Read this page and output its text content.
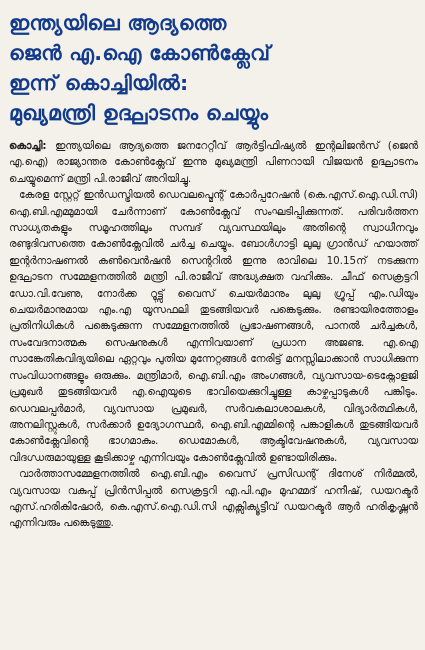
ഇന്ത്യയിലെ ആദ്യത്തെ
ജെൻ എ.ഐ കോൺക്ലേവ്
ഇന്ന് കൊച്ചിയിൽ:
മുഖ്യമന്ത്രി ഉദ്ഘാടനം ചെയ്യും

കൊച്ചി: ഇന്ത്യയിലെ ആദ്യത്തെ ജനറേറ്റീവ് ആർട്ടിഫിഷ്യൽ ഇന്റലിജൻസ് (ജെൻ എ.ഐ) രാജ്യാന്തര കോൺക്ലേവ് ഇന്നു മുഖ്യമന്ത്രി പിണറായി വിജയൻ ഉദ്ഘാടനം ചെയ്യുമെന്ന് മന്ത്രി പി.രാജീവ് അറിയിച്ചു.

കേരള സ്റ്റേറ്റ് ഇൻഡസ്ട്രിയൽ ഡെവലപ്മെന്റ് കോർപ്പറേഷൻ (കെ.എസ്.ഐ.ഡി.സി) ഐ.ബി.എമ്മുമായി ചേർന്നാണ് കോൺക്ലേവ് സംഘടിപ്പിക്കുന്നത്. പരിവർത്തന സാധ്യതകളും സമൂഹത്തിലും സമ്പദ് വ്യവസ്ഥയിലും അതിന്റെ സ്വാധീനവും രണ്ടുദിവസത്തെ കോൺക്ലേവിൽ ചർച്ച ചെയ്യും. ബോൾഗാട്ടി ലുലു ഗ്രാൻഡ് ഹയാത്ത് ഇന്റർനാഷണൽ കൺവെൻഷൻ സെന്ററിൽ ഇന്നു രാവിലെ 10.15ന് നടക്കുന്ന ഉദ്ഘാടന സമ്മേളനത്തിൽ മന്ത്രി പി.രാജീവ് അദ്ധ്യക്ഷത വഹിക്കും. ചീഫ് സെക്രട്ടറി ഡോ.വി.വേണു, നോർക്ക റൂട്ട്സ് വൈസ് ചെയർമാനും ലുലു ഗ്രൂപ്പ് എം.ഡിയും ചെയർമാനുമായ എം.എ യൂസഫലി തുടങ്ങിയവർ പങ്കെടുക്കും. രണ്ടായിരത്തോളം പ്രതിനിധികൾ പങ്കെടുക്കുന്ന സമ്മേളനത്തിൽ പ്രഭാഷണങ്ങൾ, പാനൽ ചർച്ചകൾ, സംവേദനാത്മക സെഷനുകൾ എന്നിവയാണ് പ്രധാന അജണ്ട. എ.ഐ സാങ്കേതികവിദ്യയിലെ ഏറ്റവും പുതിയ മുന്നേറ്റങ്ങൾ നേരിട്ട് മനസ്സിലാക്കാൻ സാധിക്കുന്ന സംവിധാനങ്ങളും ഒരുക്കും. മന്ത്രിമാർ, ഐ.ബി.എം അംഗങ്ങൾ, വ്യവസായ-ടെക്നോളജി പ്രമുഖർ തുടങ്ങിയവർ എ.ഐയുടെ ഭാവിയെക്കുറിച്ചുള്ള കാഴ്ചപ്പാടുകൾ പങ്കിടും. ഡെവലപ്പർമാർ, വ്യവസായ പ്രമുഖർ, സർവകലാശാലകൾ, വിദ്യാർത്ഥികൾ, അനലിസ്റ്റുകൾ, സർക്കാർ ഉദ്യോഗസ്ഥർ, ഐ.ബി.എമ്മിന്റെ പങ്കാളികൾ തുടങ്ങിയവർ കോൺക്ലേവിന്റെ ഭാഗമാകും. ഡെമോകൾ, ആക്ടിവേഷനുകൾ, വ്യവസായ വിദഗ്ധരുമായുള്ള കൂടിക്കാഴ്ച എന്നിവയും കോൺക്ലേവിൽ ഉണ്ടായിരിക്കും.

വാർത്താസമ്മേളനത്തിൽ ഐ.ബി.എം വൈസ് പ്രസിഡന്റ് ദിനേശ് നിർമ്മൽ, വ്യവസായ വകുപ്പ് പ്രിൻസിപ്പൽ സെക്രട്ടറി എ.പി.എം മുഹമ്മദ് ഹനീഷ്, ഡയറക്ടർ എസ്.ഹരികിഷോർ, കെ.എസ്.ഐ.ഡി.സി എക്സിക്യൂട്ടീവ് ഡയറക്ടർ ആർ ഹരികൃഷ്ണൻ എന്നിവരും പങ്കെടുത്തു.
